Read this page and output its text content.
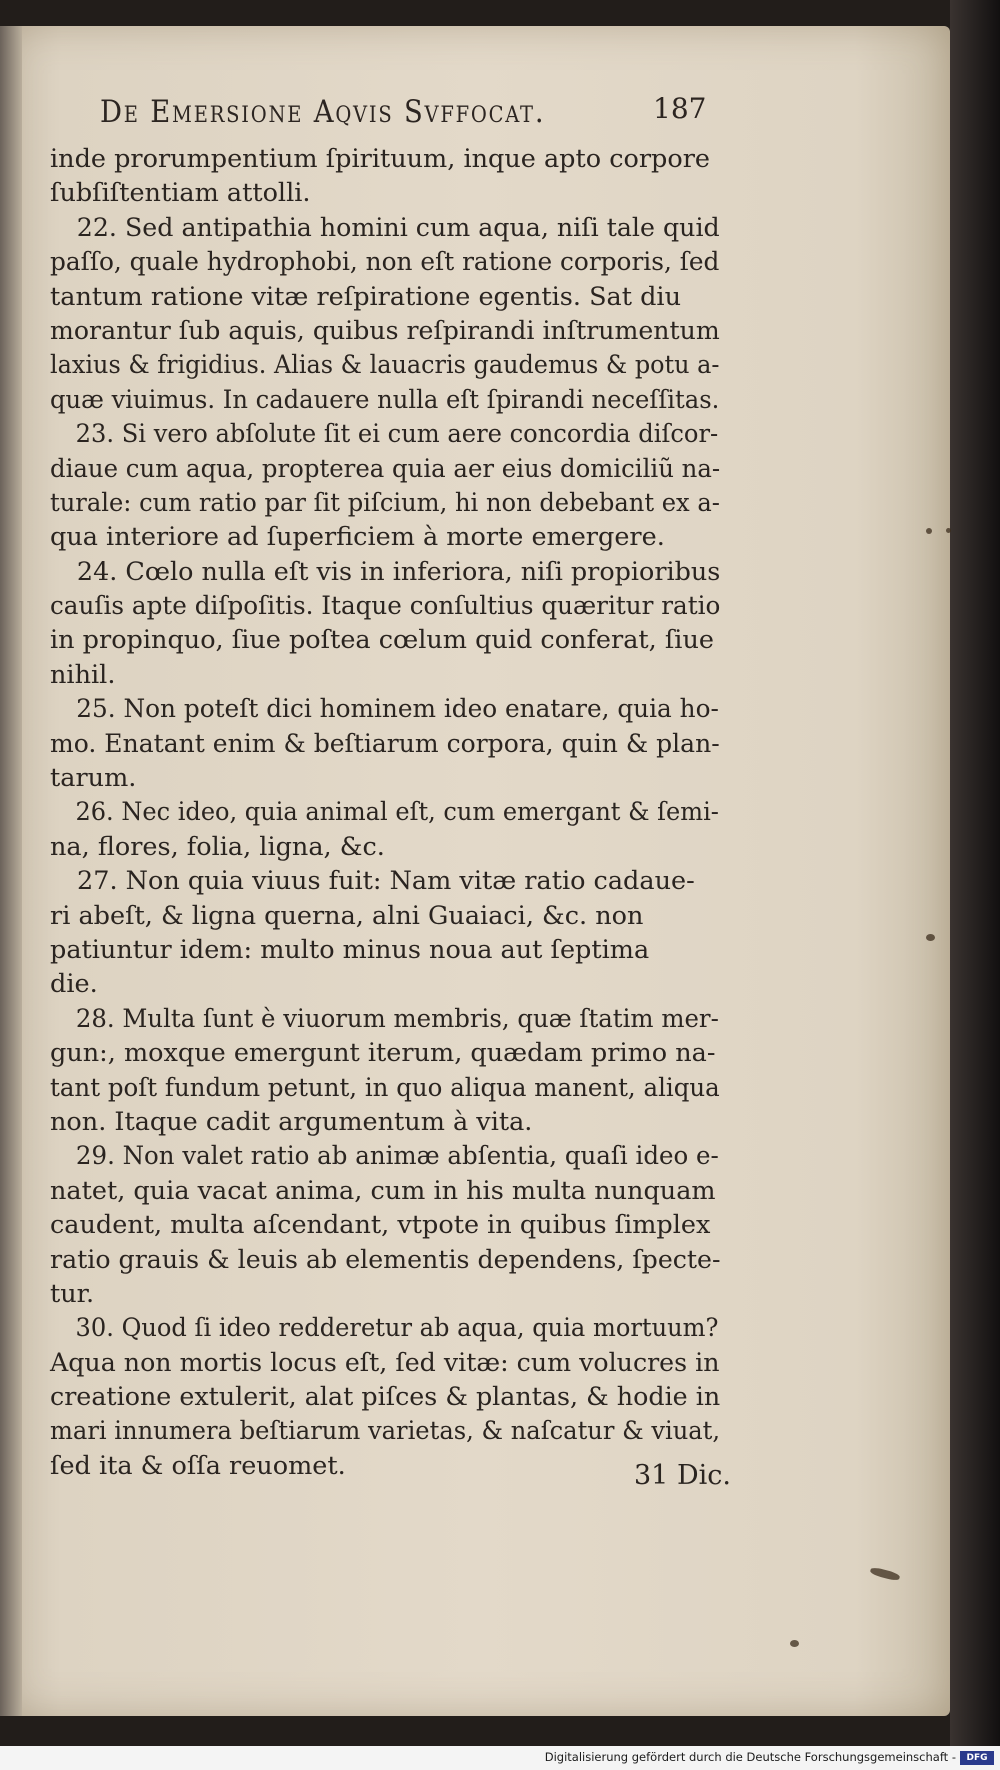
De Emersione Aqvis Svffocat.	187
inde prorumpentium ſpirituum, inque apto corpore
ſubſiſtentiam attolli.
22. Sed antipathia homini cum aqua, niſi tale quid
paſſo, quale hydrophobi, non eſt ratione corporis, ſed
tantum ratione vitæ reſpiratione egentis. Sat diu
morantur ſub aquis, quibus reſpirandi inſtrumentum
laxius & frigidius. Alias & lauacris gaudemus & potu a-
quæ viuimus. In cadauere nulla eſt ſpirandi neceſſitas.
23. Si vero abſolute ſit ei cum aere concordia diſcor-
diaue cum aqua, propterea quia aer eius domiciliũ na-
turale: cum ratio par ſit piſcium, hi non debebant ex a-
qua interiore ad ſuperficiem à morte emergere.
24. Cœlo nulla eſt vis in inferiora, niſi propioribus
cauſis apte diſpoſitis. Itaque conſultius quæritur ratio
in propinquo, ſiue poſtea cœlum quid conferat, ſiue
nihil.
25. Non poteſt dici hominem ideo enatare, quia ho-
mo. Enatant enim & beſtiarum corpora, quin & plan-
tarum.
26. Nec ideo, quia animal eſt, cum emergant & ſemi-
na, flores, folia, ligna, &c.
27. Non quia viuus fuit: Nam vitæ ratio cadaue-
ri abeſt, & ligna querna, alni Guaiaci, &c. non
patiuntur idem: multo minus noua aut ſeptima
die.
28. Multa ſunt è viuorum membris, quæ ſtatim mer-
gun:, moxque emergunt iterum, quædam primo na-
tant poſt fundum petunt, in quo aliqua manent, aliqua
non. Itaque cadit argumentum à vita.
29. Non valet ratio ab animæ abſentia, quaſi ideo e-
natet, quia vacat anima, cum in his multa nunquam
caudent, multa aſcendant, vtpote in quibus ſimplex
ratio grauis & leuis ab elementis dependens, ſpecte-
tur.
30. Quod ſi ideo redderetur ab aqua, quia mortuum?
Aqua non mortis locus eſt, ſed vitæ: cum volucres in
creatione extulerit, alat piſces & plantas, & hodie in
mari innumera beſtiarum varietas, & naſcatur & viuat,
ſed ita & oſſa reuomet.	31 Dic.
Digitalisierung gefördert durch die Deutsche Forschungsgemeinschaft -	DFG
